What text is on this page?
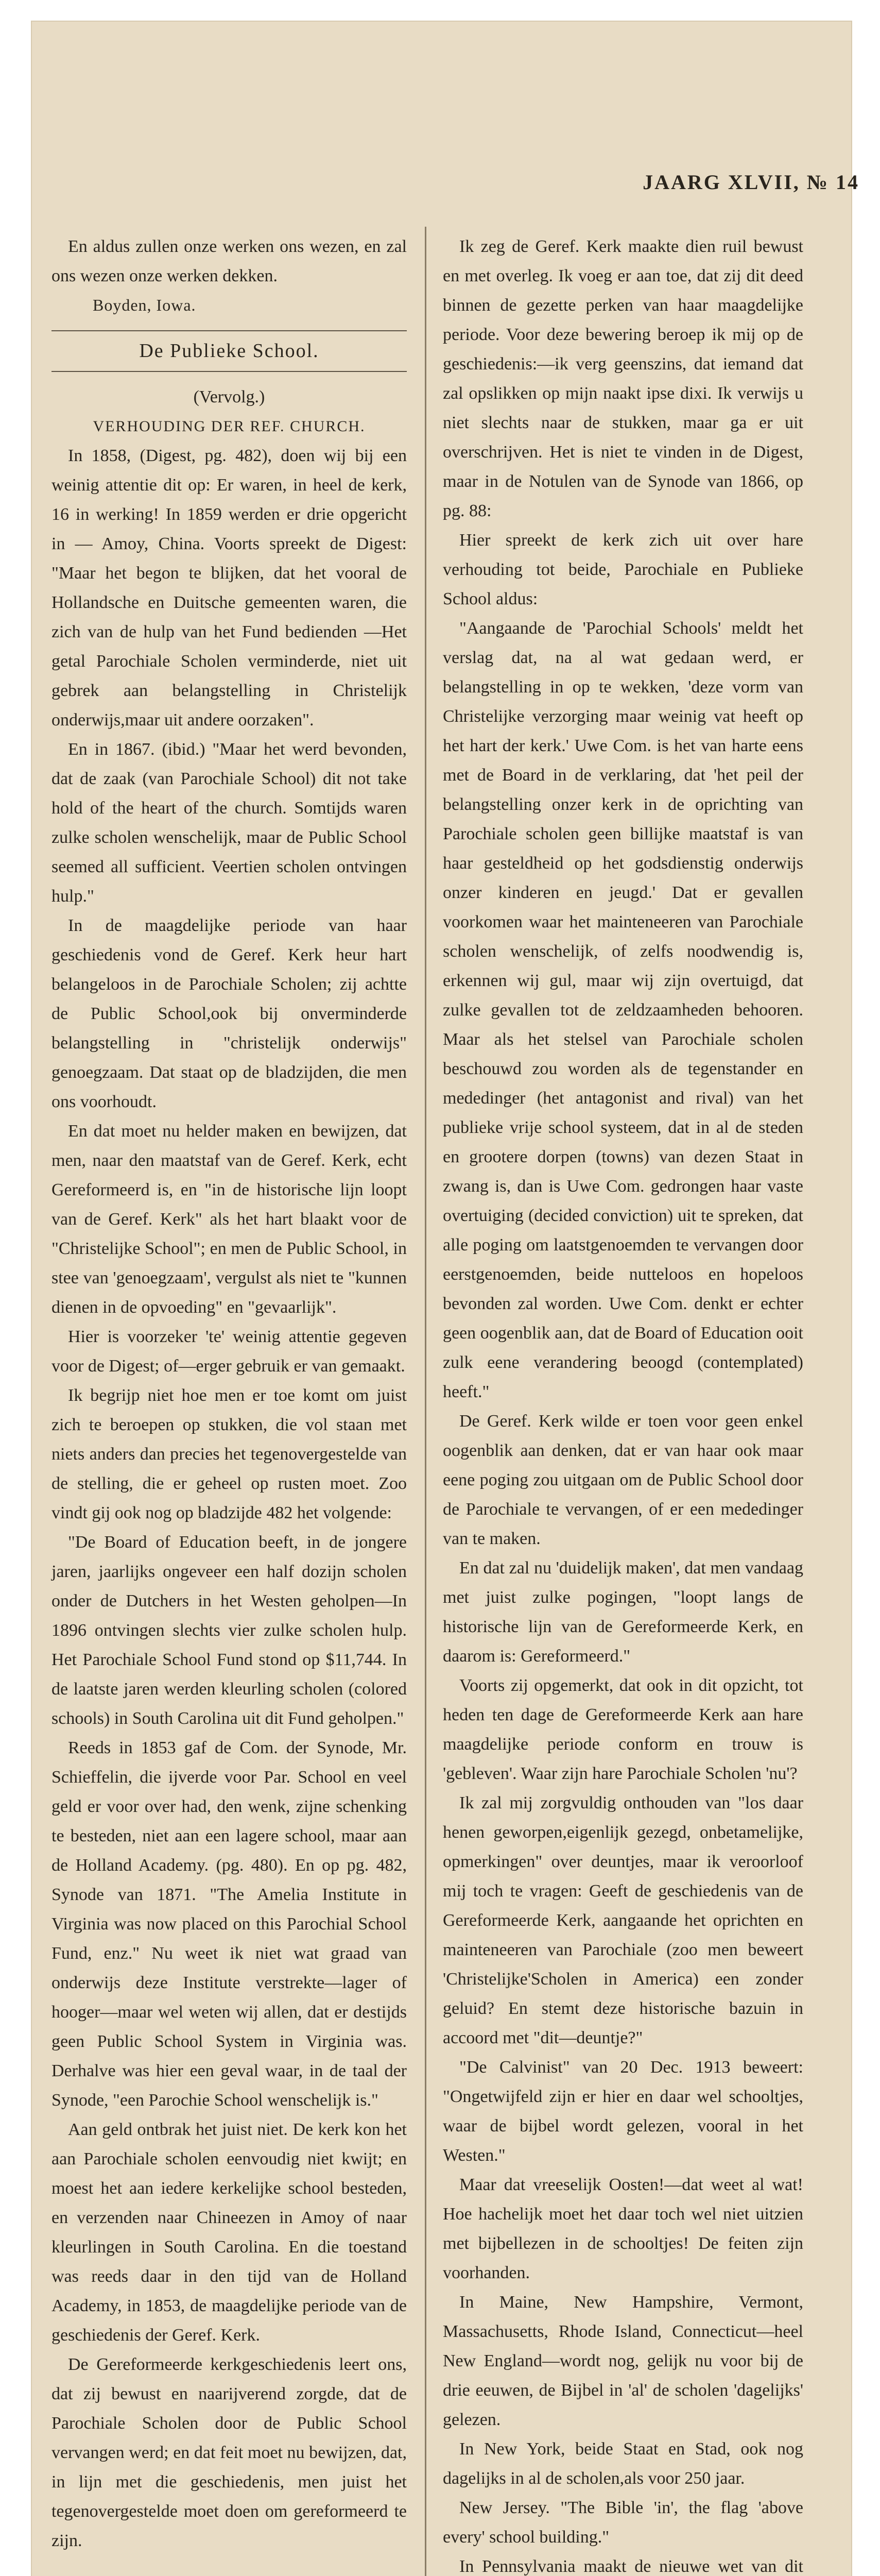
JAARG XLVII, № 14

En aldus zullen onze werken ons wezen, en zal ons wezen onze werken dekken.

Boyden, Iowa.

De Publieke School.

(Vervolg.)

VERHOUDING DER REF. CHURCH.

In 1858, (Digest, pg. 482), doen wij bij een weinig attentie dit op: Er waren, in heel de kerk, 16 in werking! In 1859 werden er drie opgericht in — Amoy, China. Voorts spreekt de Digest: "Maar het begon te blijken, dat het vooral de Hollandsche en Duitsche gemeenten waren, die zich van de hulp van het Fund bedienden —Het getal Parochiale Scholen verminderde, niet uit gebrek aan belangstelling in Christelijk onderwijs,maar uit andere oorzaken".

En in 1867. (ibid.) "Maar het werd bevonden, dat de zaak (van Parochiale School) dit not take hold of the heart of the church. Somtijds waren zulke scholen wenschelijk, maar de Public School seemed all sufficient. Veertien scholen ontvingen hulp."

In de maagdelijke periode van haar geschiedenis vond de Geref. Kerk heur hart belangeloos in de Parochiale Scholen; zij achtte de Public School,ook bij onverminderde belangstelling in "christelijk onderwijs" genoegzaam. Dat staat op de bladzijden, die men ons voorhoudt.

En dat moet nu helder maken en bewijzen, dat men, naar den maatstaf van de Geref. Kerk, echt Gereformeerd is, en "in de historische lijn loopt van de Geref. Kerk" als het hart blaakt voor de "Christelijke School"; en men de Public School, in stee van 'genoegzaam', vergulst als niet te "kunnen dienen in de opvoeding" en "gevaarlijk".

Hier is voorzeker 'te' weinig attentie gegeven voor de Digest; of—erger gebruik er van gemaakt.

Ik begrijp niet hoe men er toe komt om juist zich te beroepen op stukken, die vol staan met niets anders dan precies het tegenovergestelde van de stelling, die er geheel op rusten moet. Zoo vindt gij ook nog op bladzijde 482 het volgende:

"De Board of Education beeft, in de jongere jaren, jaarlijks ongeveer een half dozijn scholen onder de Dutchers in het Westen geholpen—In 1896 ontvingen slechts vier zulke scholen hulp. Het Parochiale School Fund stond op $11,744. In de laatste jaren werden kleurling scholen (colored schools) in South Carolina uit dit Fund geholpen."

Reeds in 1853 gaf de Com. der Synode, Mr. Schieffelin, die ijverde voor Par. School en veel geld er voor over had, den wenk, zijne schenking te besteden, niet aan een lagere school, maar aan de Holland Academy. (pg. 480). En op pg. 482, Synode van 1871. "The Amelia Institute in Virginia was now placed on this Parochial School Fund, enz." Nu weet ik niet wat graad van onderwijs deze Institute verstrekte—lager of hooger—maar wel weten wij allen, dat er destijds geen Public School System in Virginia was. Derhalve was hier een geval waar, in de taal der Synode, "een Parochie School wenschelijk is."

Aan geld ontbrak het juist niet. De kerk kon het aan Parochiale scholen eenvoudig niet kwijt; en moest het aan iedere kerkelijke school besteden, en verzenden naar Chineezen in Amoy of naar kleurlingen in South Carolina. En die toestand was reeds daar in den tijd van de Holland Academy, in 1853, de maagdelijke periode van de geschiedenis der Geref. Kerk.

De Gereformeerde kerkgeschiedenis leert ons, dat zij bewust en naarijverend zorgde, dat de Parochiale Scholen door de Public School vervangen werd; en dat feit moet nu bewijzen, dat, in lijn met die geschiedenis, men juist het tegenovergestelde moet doen om gereformeerd te zijn.

Ik zeg de Geref. Kerk maakte dien ruil bewust en met overleg. Ik voeg er aan toe, dat zij dit deed binnen de gezette perken van haar maagdelijke periode. Voor deze bewering beroep ik mij op de geschiedenis:—ik verg geenszins, dat iemand dat zal opslikken op mijn naakt ipse dixi. Ik verwijs u niet slechts naar de stukken, maar ga er uit overschrijven. Het is niet te vinden in de Digest, maar in de Notulen van de Synode van 1866, op pg. 88:

Hier spreekt de kerk zich uit over hare verhouding tot beide, Parochiale en Publieke School aldus:

"Aangaande de 'Parochial Schools' meldt het verslag dat, na al wat gedaan werd, er belangstelling in op te wekken, 'deze vorm van Christelijke verzorging maar weinig vat heeft op het hart der kerk.' Uwe Com. is het van harte eens met de Board in de verklaring, dat 'het peil der belangstelling onzer kerk in de oprichting van Parochiale scholen geen billijke maatstaf is van haar gesteldheid op het godsdienstig onderwijs onzer kinderen en jeugd.' Dat er gevallen voorkomen waar het mainteneeren van Parochiale scholen wenschelijk, of zelfs noodwendig is, erkennen wij gul, maar wij zijn overtuigd, dat zulke gevallen tot de zeldzaamheden behooren. Maar als het stelsel van Parochiale scholen beschouwd zou worden als de tegenstander en mededinger (het antagonist and rival) van het publieke vrije school systeem, dat in al de steden en grootere dorpen (towns) van dezen Staat in zwang is, dan is Uwe Com. gedrongen haar vaste overtuiging (decided conviction) uit te spreken, dat alle poging om laatstgenoemden te vervangen door eerstgenoemden, beide nutteloos en hopeloos bevonden zal worden. Uwe Com. denkt er echter geen oogenblik aan, dat de Board of Education ooit zulk eene verandering beoogd (contemplated) heeft."

De Geref. Kerk wilde er toen voor geen enkel oogenblik aan denken, dat er van haar ook maar eene poging zou uitgaan om de Public School door de Parochiale te vervangen, of er een mededinger van te maken.

En dat zal nu 'duidelijk maken', dat men vandaag met juist zulke pogingen, "loopt langs de historische lijn van de Gereformeerde Kerk, en daarom is: Gereformeerd."

Voorts zij opgemerkt, dat ook in dit opzicht, tot heden ten dage de Gereformeerde Kerk aan hare maagdelijke periode conform en trouw is 'gebleven'. Waar zijn hare Parochiale Scholen 'nu'?

Ik zal mij zorgvuldig onthouden van "los daar henen geworpen,eigenlijk gezegd, onbetamelijke, opmerkingen" over deuntjes, maar ik veroorloof mij toch te vragen: Geeft de geschiedenis van de Gereformeerde Kerk, aangaande het oprichten en mainteneeren van Parochiale (zoo men beweert 'Christelijke'Scholen in America) een zonder geluid? En stemt deze historische bazuin in accoord met "dit—deuntje?"

"De Calvinist" van 20 Dec. 1913 beweert: "Ongetwijfeld zijn er hier en daar wel schooltjes, waar de bijbel wordt gelezen, vooral in het Westen."

Maar dat vreeselijk Oosten!—dat weet al wat! Hoe hachelijk moet het daar toch wel niet uitzien met bijbellezen in de schooltjes! De feiten zijn voorhanden.

In Maine, New Hampshire, Vermont, Massachusetts, Rhode Island, Connecticut—heel New England—wordt nog, gelijk nu voor bij de drie eeuwen, de Bijbel in 'al' de scholen 'dagelijks' gelezen.

In New York, beide Staat en Stad, ook nog dagelijks in al de scholen,als voor 250 jaar.

New Jersey. "The Bible 'in', the flag 'above every' school building."

In Pennsylvania maakt de nieuwe wet van dit
